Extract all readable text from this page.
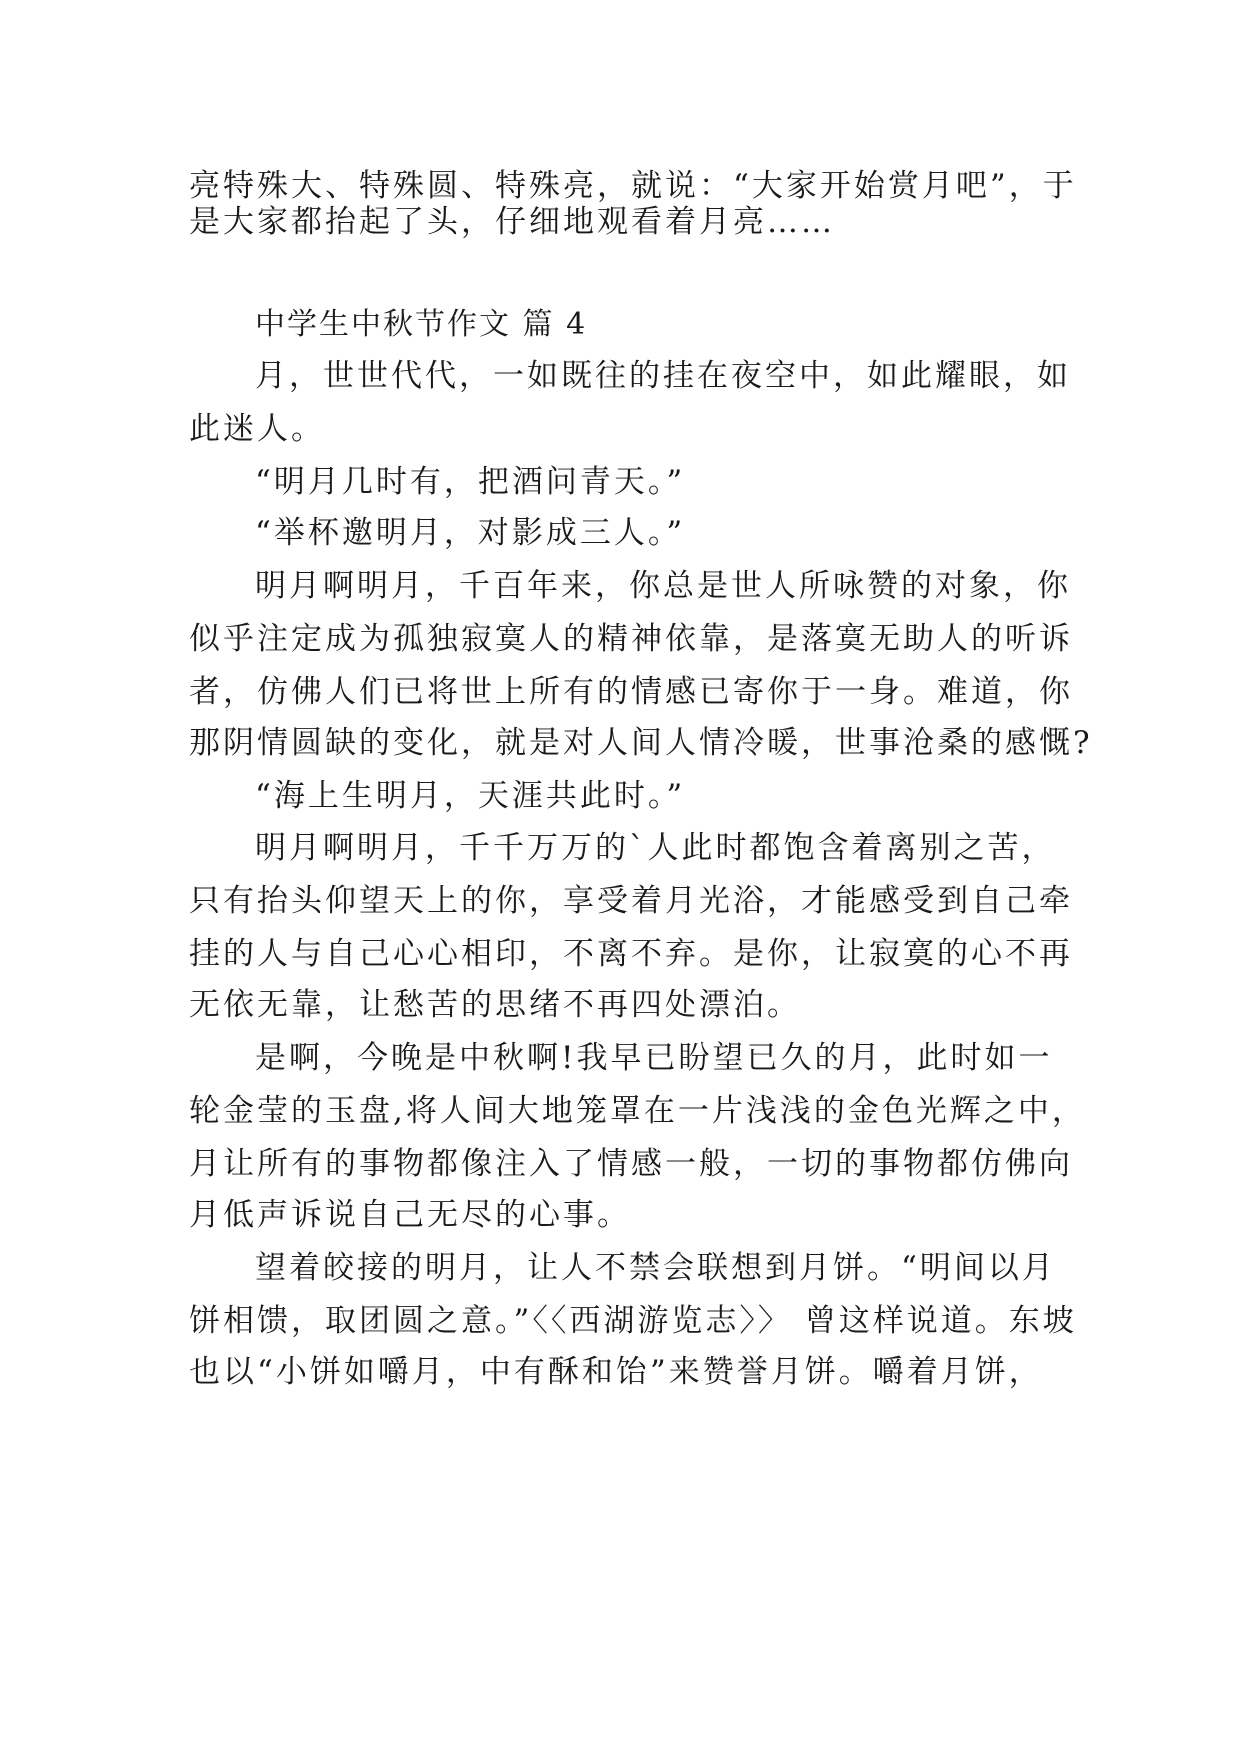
亮特殊大、特殊圆、特殊亮，就说：“大家开始赏月吧”，于
是大家都抬起了头，仔细地观看着月亮……
中学生中秋节作文 篇 4
月，世世代代，一如既往的挂在夜空中，如此耀眼，如
此迷人。
“明月几时有，把酒问青天。”
“举杯邀明月，对影成三人。”
明月啊明月，千百年来，你总是世人所咏赞的对象，你
似乎注定成为孤独寂寞人的精神依靠，是落寞无助人的听诉
者，仿佛人们已将世上所有的情感已寄你于一身。难道，你
那阴情圆缺的变化，就是对人间人情冷暖，世事沧桑的感慨?
“海上生明月，天涯共此时。”
明月啊明月，千千万万的`人此时都饱含着离别之苦，
只有抬头仰望天上的你，享受着月光浴，才能感受到自己牵
挂的人与自己心心相印，不离不弃。是你，让寂寞的心不再
无依无靠，让愁苦的思绪不再四处漂泊。
是啊，今晚是中秋啊!我早已盼望已久的月，此时如一
轮金莹的玉盘,将人间大地笼罩在一片浅浅的金色光辉之中，
月让所有的事物都像注入了情感一般，一切的事物都仿佛向
月低声诉说自己无尽的心事。
望着皎接的明月，让人不禁会联想到月饼。“明间以月
饼相馈，取团圆之意。”〈〈西湖游览志〉〉 曾这样说道。东坡
也以“小饼如嚼月，中有酥和饴”来赞誉月饼。嚼着月饼，
